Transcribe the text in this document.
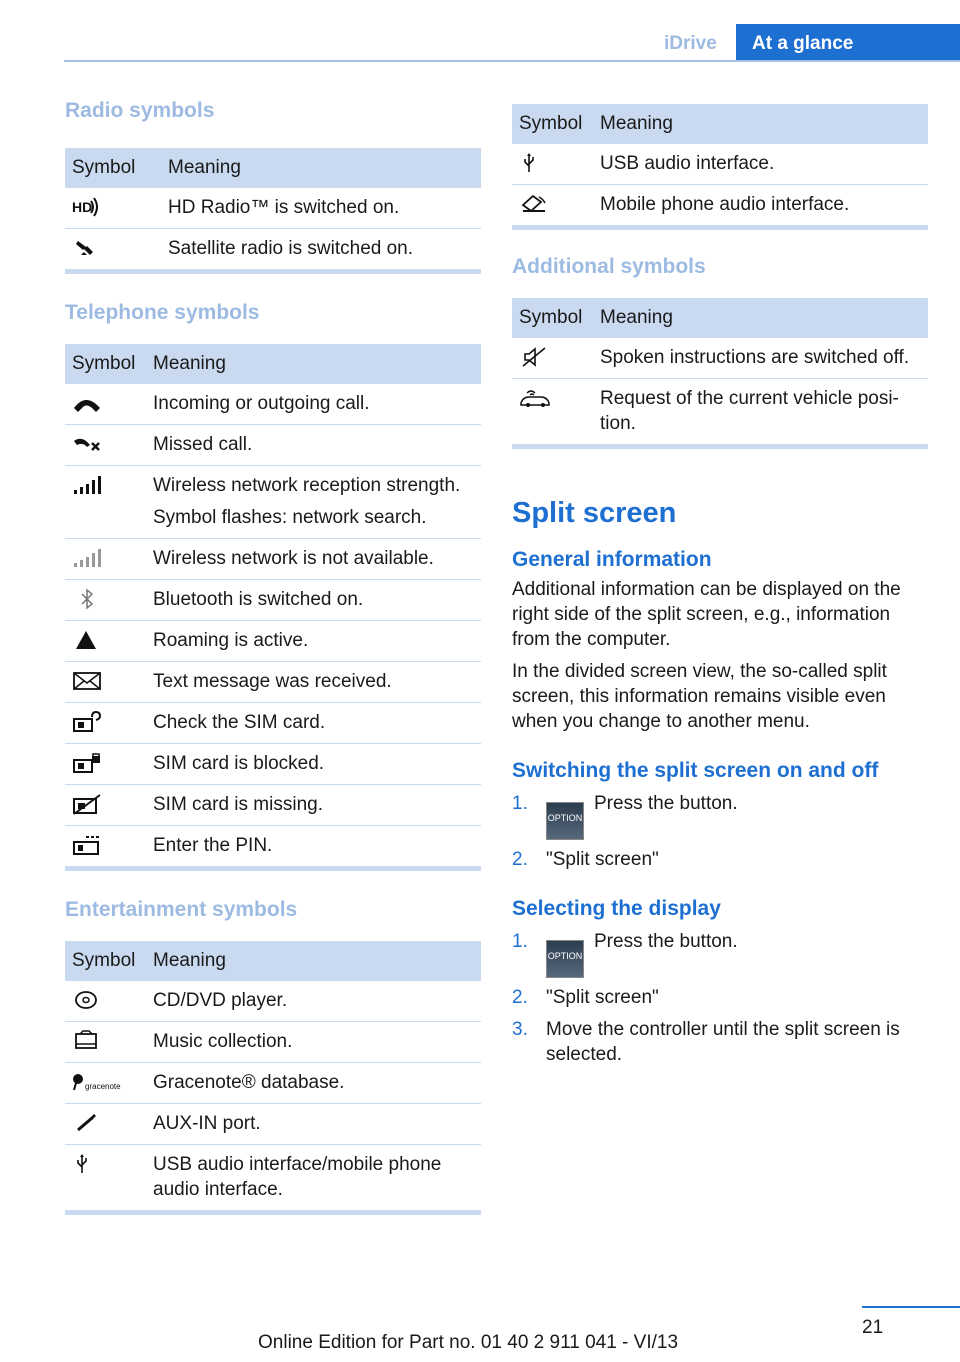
iDrive At a glance
Radio symbols
Symbol	Meaning
HD	HD Radio™ is switched on.
Satellite radio is switched on.
Telephone symbols
Symbol Meaning
Incoming or outgoing call.
Missed call.
Wireless network reception strength.
Symbol flashes: network search.
Wireless network is not available.
Bluetooth is switched on.
Roaming is active.
Text message was received.
Check the SIM card.
SIM card is blocked.
SIM card is missing.
Enter the PIN.
Entertainment symbols
Symbol Meaning
CD/DVD player.
Music collection.
gracenote Gracenote® database.
AUX-IN port.
USB audio interface/mobile phone audio interface.
Symbol Meaning
USB audio interface.
Mobile phone audio interface.
Additional symbols
Symbol Meaning
Spoken instructions are switched off.
Request of the current vehicle posi-tion.
Split screen
General information

Additional information can be displayed on the right side of the split screen, e.g., information from the computer.

In the divided screen view, the so-called split screen, this information remains visible even when you change to another menu.

Switching the split screen on and off
1.
OPTIONPress the button.
2. "Split screen"
Selecting the display
1.
OPTIONPress the button.
2. "Split screen"
3. Move the controller until the split screen is selected.
21
Online Edition for Part no. 01 40 2 911 041 - VI/13
